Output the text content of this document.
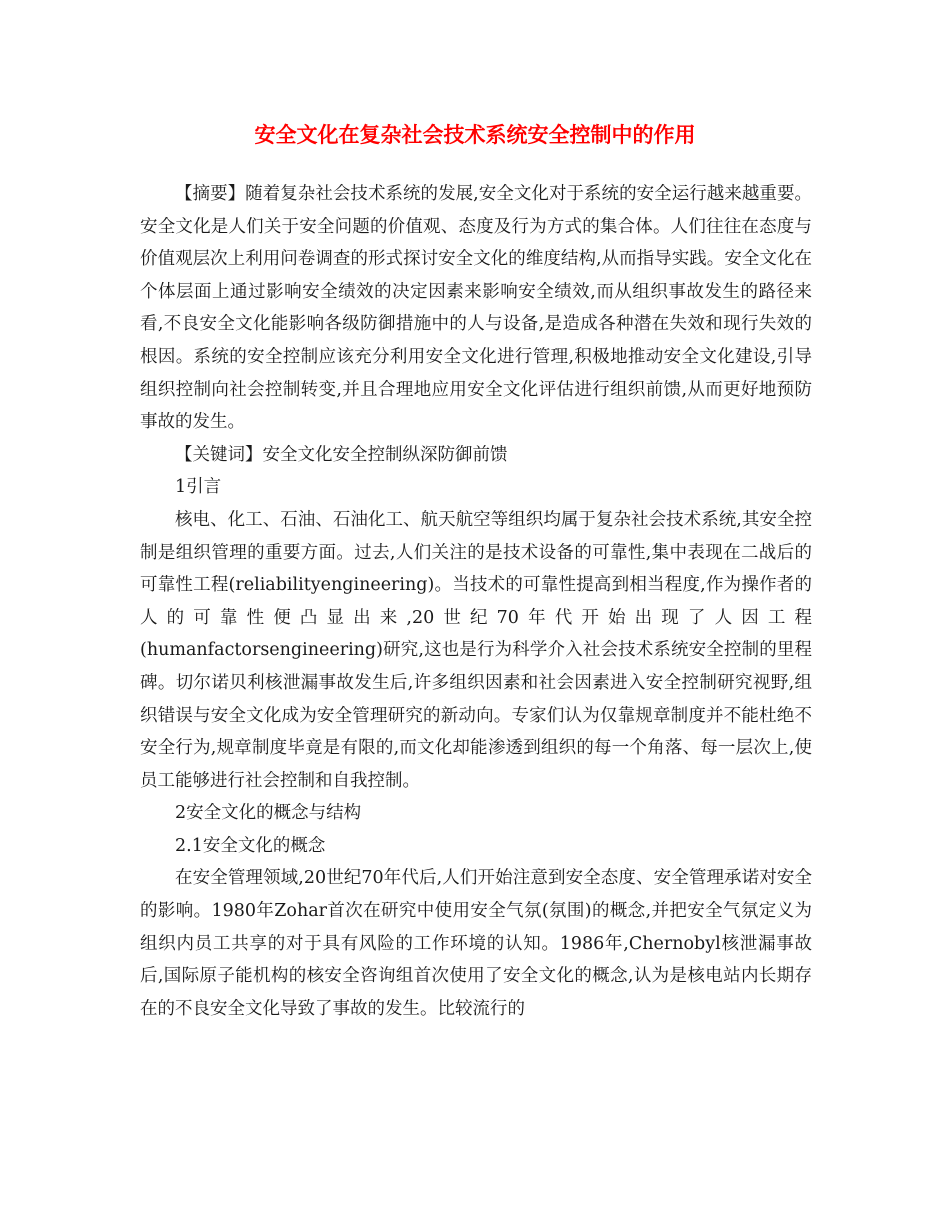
安全文化在复杂社会技术系统安全控制中的作用

【摘要】随着复杂社会技术系统的发展,安全文化对于系统的安全运行越来越重要。安全文化是人们关于安全问题的价值观、态度及行为方式的集合体。人们往往在态度与价值观层次上利用问卷调查的形式探讨安全文化的维度结构,从而指导实践。安全文化在个体层面上通过影响安全绩效的决定因素来影响安全绩效,而从组织事故发生的路径来看,不良安全文化能影响各级防御措施中的人与设备,是造成各种潜在失效和现行失效的根因。系统的安全控制应该充分利用安全文化进行管理,积极地推动安全文化建设,引导组织控制向社会控制转变,并且合理地应用安全文化评估进行组织前馈,从而更好地预防事故的发生。

【关键词】安全文化安全控制纵深防御前馈

1引言

核电、化工、石油、石油化工、航天航空等组织均属于复杂社会技术系统,其安全控制是组织管理的重要方面。过去,人们关注的是技术设备的可靠性,集中表现在二战后的可靠性工程(reliabilityengineering)。当技术的可靠性提高到相当程度,作为操作者的人的可靠性便凸显出来,20世纪70年代开始出现了人因工程(humanfactorsengineering)研究,这也是行为科学介入社会技术系统安全控制的里程碑。切尔诺贝利核泄漏事故发生后,许多组织因素和社会因素进入安全控制研究视野,组织错误与安全文化成为安全管理研究的新动向。专家们认为仅靠规章制度并不能杜绝不安全行为,规章制度毕竟是有限的,而文化却能渗透到组织的每一个角落、每一层次上,使员工能够进行社会控制和自我控制。

2安全文化的概念与结构

2.1安全文化的概念

在安全管理领域,20世纪70年代后,人们开始注意到安全态度、安全管理承诺对安全的影响。1980年Zohar首次在研究中使用安全气氛(氛围)的概念,并把安全气氛定义为组织内员工共享的对于具有风险的工作环境的认知。1986年,Chernobyl核泄漏事故后,国际原子能机构的核安全咨询组首次使用了安全文化的概念,认为是核电站内长期存在的不良安全文化导致了事故的发生。比较流行的
